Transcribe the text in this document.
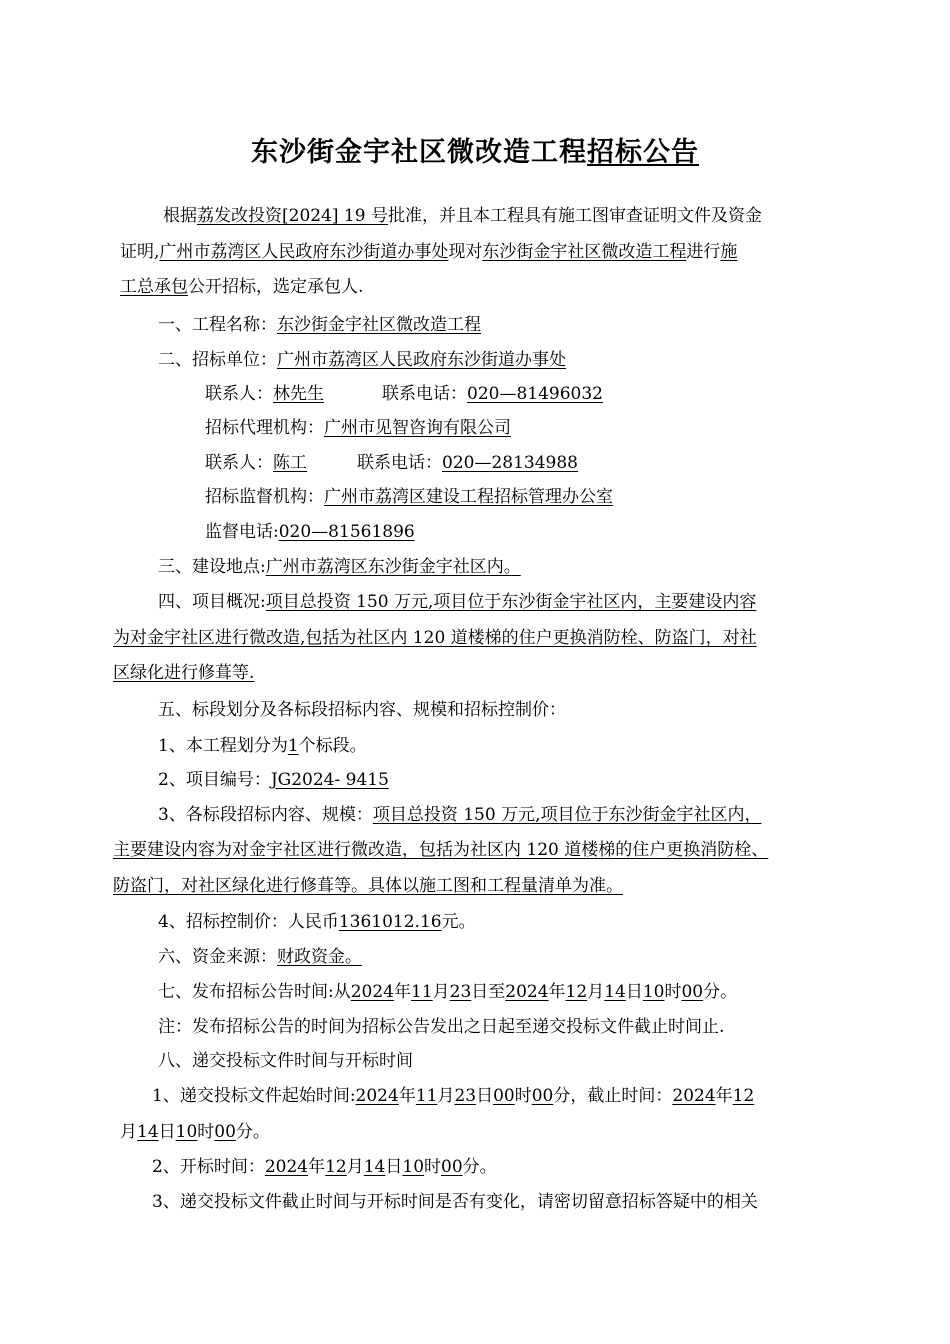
东沙街金宇社区微改造工程招标公告
根据荔发改投资[2024] 19 号批准，并且本工程具有施工图审查证明文件及资金
证明,广州市荔湾区人民政府东沙街道办事处现对东沙街金宇社区微改造工程进行施
工总承包公开招标，选定承包人.
一、工程名称：东沙街金宇社区微改造工程
二、招标单位：广州市荔湾区人民政府东沙街道办事处
联系人：林先生	联系电话：020—81496032
招标代理机构：广州市见智咨询有限公司
联系人：陈工	联系电话：020—28134988
招标监督机构：广州市荔湾区建设工程招标管理办公室
监督电话:020—81561896
三、建设地点:广州市荔湾区东沙街金宇社区内。
四、项目概况:项目总投资 150 万元,项目位于东沙街金宇社区内，主要建设内容
为对金宇社区进行微改造,包括为社区内 120 道楼梯的住户更换消防栓、防盗门，对社
区绿化进行修葺等.
五、标段划分及各标段招标内容、规模和招标控制价：
1、本工程划分为1个标段。
2、项目编号：JG2024- 9415
3、各标段招标内容、规模：项目总投资 150 万元,项目位于东沙街金宇社区内，
主要建设内容为对金宇社区进行微改造，包括为社区内 120 道楼梯的住户更换消防栓、
防盗门，对社区绿化进行修葺等。具体以施工图和工程量清单为准。
4、招标控制价：人民币1361012.16元。
六、资金来源：财政资金。
七、发布招标公告时间:从2024年11月23日至2024年12月14日10时00分。
注：发布招标公告的时间为招标公告发出之日起至递交投标文件截止时间止.
八、递交投标文件时间与开标时间
1、递交投标文件起始时间:2024年11月23日00时00分，截止时间：2024年12
月14日10时00分。
2、开标时间：2024年12月14日10时00分。
3、递交投标文件截止时间与开标时间是否有变化，请密切留意招标答疑中的相关
